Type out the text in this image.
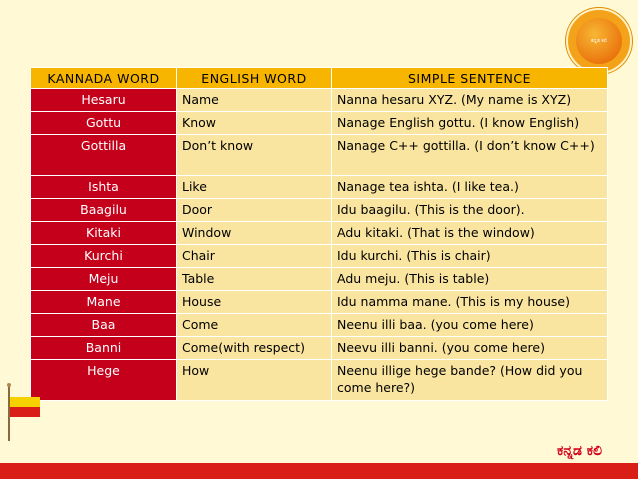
ಕನ್ನಡ ಕಲಿ
KANNADA WORD	ENGLISH WORD	SIMPLE SENTENCE
Hesaru	Name	Nanna hesaru XYZ. (My name is XYZ)
Gottu	Know	Nanage English gottu. (I know English)
Gottilla	Don’t know	Nanage C++ gottilla. (I don’t know C++)
Ishta	Like	Nanage tea ishta. (I like tea.)
Baagilu	Door	Idu baagilu. (This is the door).
Kitaki	Window	Adu kitaki. (That is the window)
Kurchi	Chair	Idu kurchi. (This is chair)
Meju	Table	Adu meju. (This is table)
Mane	House	Idu namma mane. (This is my house)
Baa	Come	Neenu illi baa. (you come here)
Banni	Come(with respect)	Neevu illi banni. (you come here)
Hege	How	Neenu illige hege bande? (How did you come here?)
ಕನ್ನಡ ಕಲಿ
